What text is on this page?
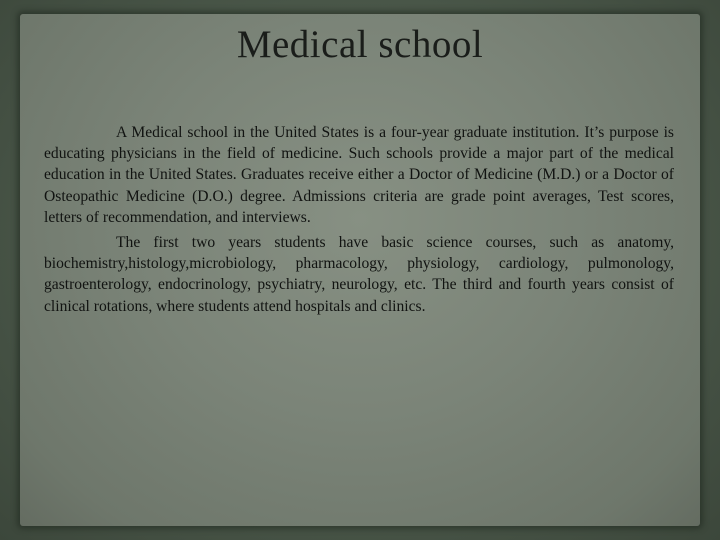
Medical school

A Medical school in the United States is a four-year graduate institution. It’s purpose is educating physicians in the field of medicine. Such schools provide a major part of the medical education in the United States. Graduates receive either a Doctor of Medicine (M.D.) or a Doctor of Osteopathic Medicine (D.O.) degree. Admissions criteria are grade point averages, Test scores, letters of recommendation, and interviews.

The first two years students have basic science courses, such as anatomy, biochemistry,histology,microbiology, pharmacology, physiology, cardiology, pulmonology, gastroenterology, endocrinology, psychiatry, neurology, etc. The third and fourth years consist of clinical rotations, where students attend hospitals and clinics.
